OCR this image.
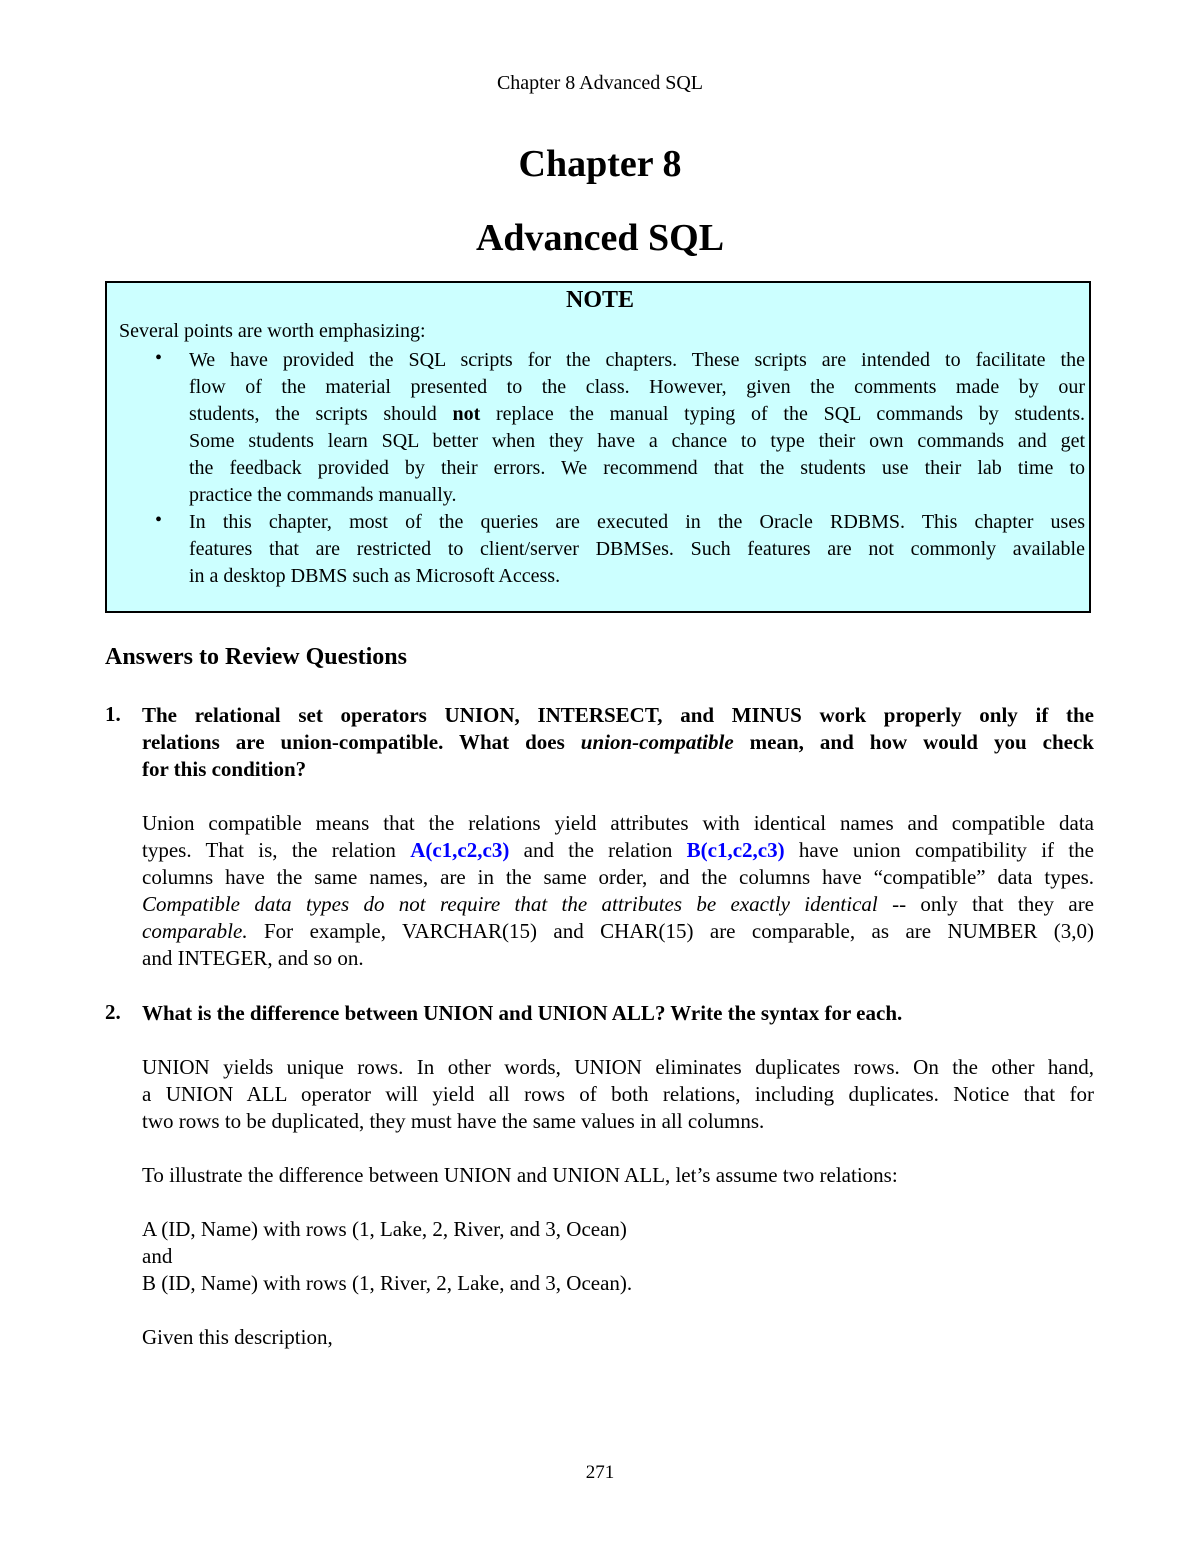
Chapter 8 Advanced SQL
Chapter 8
Advanced SQL
NOTE
Several points are worth emphasizing:
• We have provided the SQL scripts for the chapters. These scripts are intended to facilitate the
flow of the material presented to the class. However, given the comments made by our
students, the scripts should not replace the manual typing of the SQL commands by students.
Some students learn SQL better when they have a chance to type their own commands and get
the feedback provided by their errors. We recommend that the students use their lab time to
practice the commands manually.
• In this chapter, most of the queries are executed in the Oracle RDBMS. This chapter uses
features that are restricted to client/server DBMSes. Such features are not commonly available
in a desktop DBMS such as Microsoft Access.
Answers to Review Questions
1. The relational set operators UNION, INTERSECT, and MINUS work properly only if the
relations are union-compatible. What does union-compatible mean, and how would you check
for this condition?
Union compatible means that the relations yield attributes with identical names and compatible data
types. That is, the relation A(c1,c2,c3) and the relation B(c1,c2,c3) have union compatibility if the
columns have the same names, are in the same order, and the columns have “compatible” data types.
Compatible data types do not require that the attributes be exactly identical -- only that they are
comparable. For example, VARCHAR(15) and CHAR(15) are comparable, as are NUMBER (3,0)
and INTEGER, and so on.
2. What is the difference between UNION and UNION ALL? Write the syntax for each.
UNION yields unique rows. In other words, UNION eliminates duplicates rows. On the other hand,
a UNION ALL operator will yield all rows of both relations, including duplicates. Notice that for
two rows to be duplicated, they must have the same values in all columns.
To illustrate the difference between UNION and UNION ALL, let’s assume two relations:
A (ID, Name) with rows (1, Lake, 2, River, and 3, Ocean)
and
B (ID, Name) with rows (1, River, 2, Lake, and 3, Ocean).
Given this description,
271
